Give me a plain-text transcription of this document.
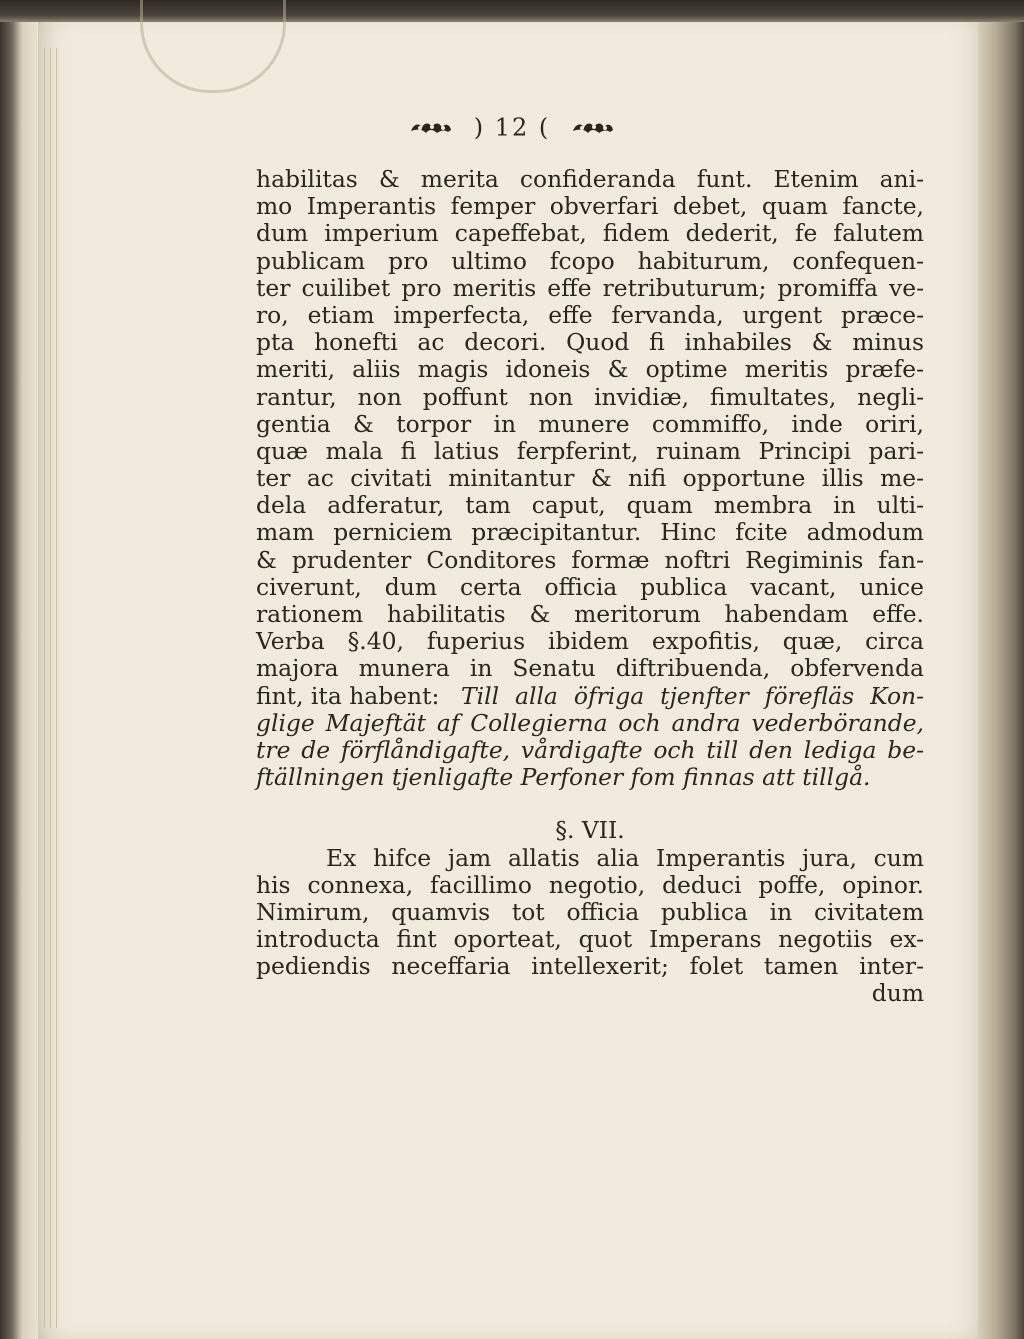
) 12 (
habilitas & merita confideranda funt. Etenim ani-
mo Imperantis femper obverfari debet, quam fancte,
dum imperium capeffebat, fidem dederit, fe falutem
publicam pro ultimo fcopo habiturum, confequen-
ter cuilibet pro meritis effe retributurum; promiffa ve-
ro, etiam imperfecta, effe fervanda, urgent præce-
pta honefti ac decori. Quod fi inhabiles & minus
meriti, aliis magis idoneis & optime meritis præfe-
rantur, non poffunt non invidiæ, fimultates, negli-
gentia & torpor in munere commiffo, inde oriri,
quæ mala fi latius ferpferint, ruinam Principi pari-
ter ac civitati minitantur & nifi opportune illis me-
dela adferatur, tam caput, quam membra in ulti-
mam perniciem præcipitantur. Hinc fcite admodum
& prudenter Conditores formæ noftri Regiminis fan-
civerunt, dum certa officia publica vacant, unice
rationem habilitatis & meritorum habendam effe.
Verba §.40, fuperius ibidem expofitis, quæ, circa
majora munera in Senatu diftribuenda, obfervenda
fint, ita habent: Till alla öfriga tjenfter förefläs Kon-
glige Majeftät af Collegierna och andra vederbörande,
tre de förflåndigafte, vårdigafte och till den lediga be-
ftällningen tjenligafte Perfoner fom finnas att tillgå.
§. VII.
Ex hifce jam allatis alia Imperantis jura, cum
his connexa, facillimo negotio, deduci poffe, opinor.
Nimirum, quamvis tot officia publica in civitatem
introducta fint oporteat, quot Imperans negotiis ex-
pediendis neceffaria intellexerit; folet tamen inter-
dum
